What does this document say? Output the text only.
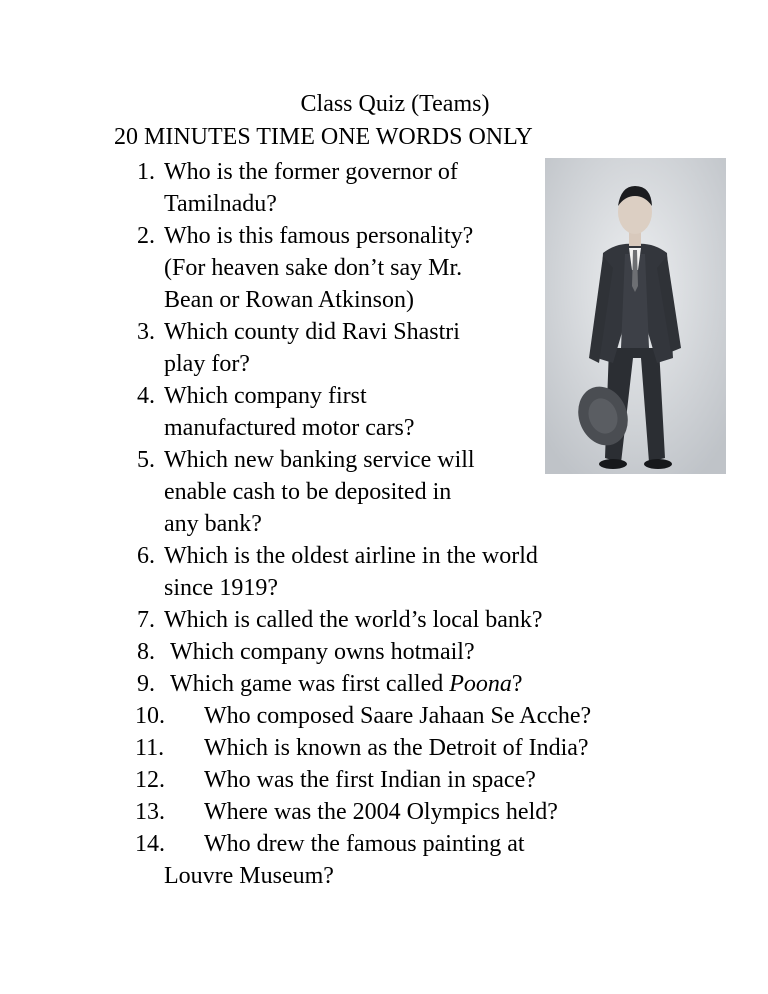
Class Quiz (Teams)
20 MINUTES TIME ONE WORDS ONLY
1. Who is the former governor of
Tamilnadu?
2. Who is this famous personality?
(For heaven sake don’t say Mr.
Bean or Rowan Atkinson)
3. Which county did Ravi Shastri
play for?
4. Which company first
manufactured motor cars?
5. Which new banking service will
enable cash to be deposited in
any bank?
6. Which is the oldest airline in the world
since 1919?
7. Which is called the world’s local bank?
8. Which company owns hotmail?
9. Which game was first called Poona?
10. Who composed Saare Jahaan Se Acche?
11. Which is known as the Detroit of India?
12. Who was the first Indian in space?
13. Where was the 2004 Olympics held?
14. Who drew the famous painting at
Louvre Museum?
